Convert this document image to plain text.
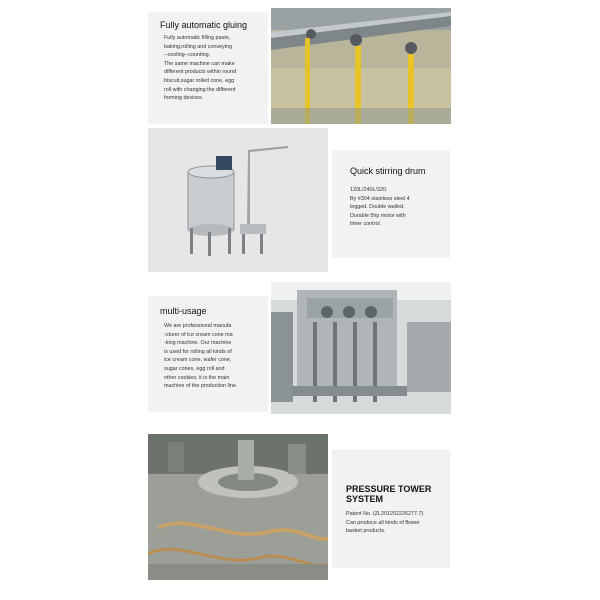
Fully automatic gluing
Fully automatic filling paste,
baking,rolling and conveying
--cooling--counting.
The same machine can make
different products within round
biscuit,sugar rolled cone, egg
roll with changing the different
forming devices.
Quick stirring drum
120L/240L/320.
By #304 stainless steel 4
legged. Double walled.
Durable 5hp motor with
timer control.
multi-usage
We are professional manufa
-cturer of ice cream cone ma
-king machine. Our machine
is used for rolling all kinds of
ice cream cone, wafer cone,
sugar cones, egg roll and
other cookies; it is the main
machine of the production line.
PRESSURE TOWER
SYSTEM
Patent No. (ZL201202226277.7)
Can produce all kinds of flower
basket products.
